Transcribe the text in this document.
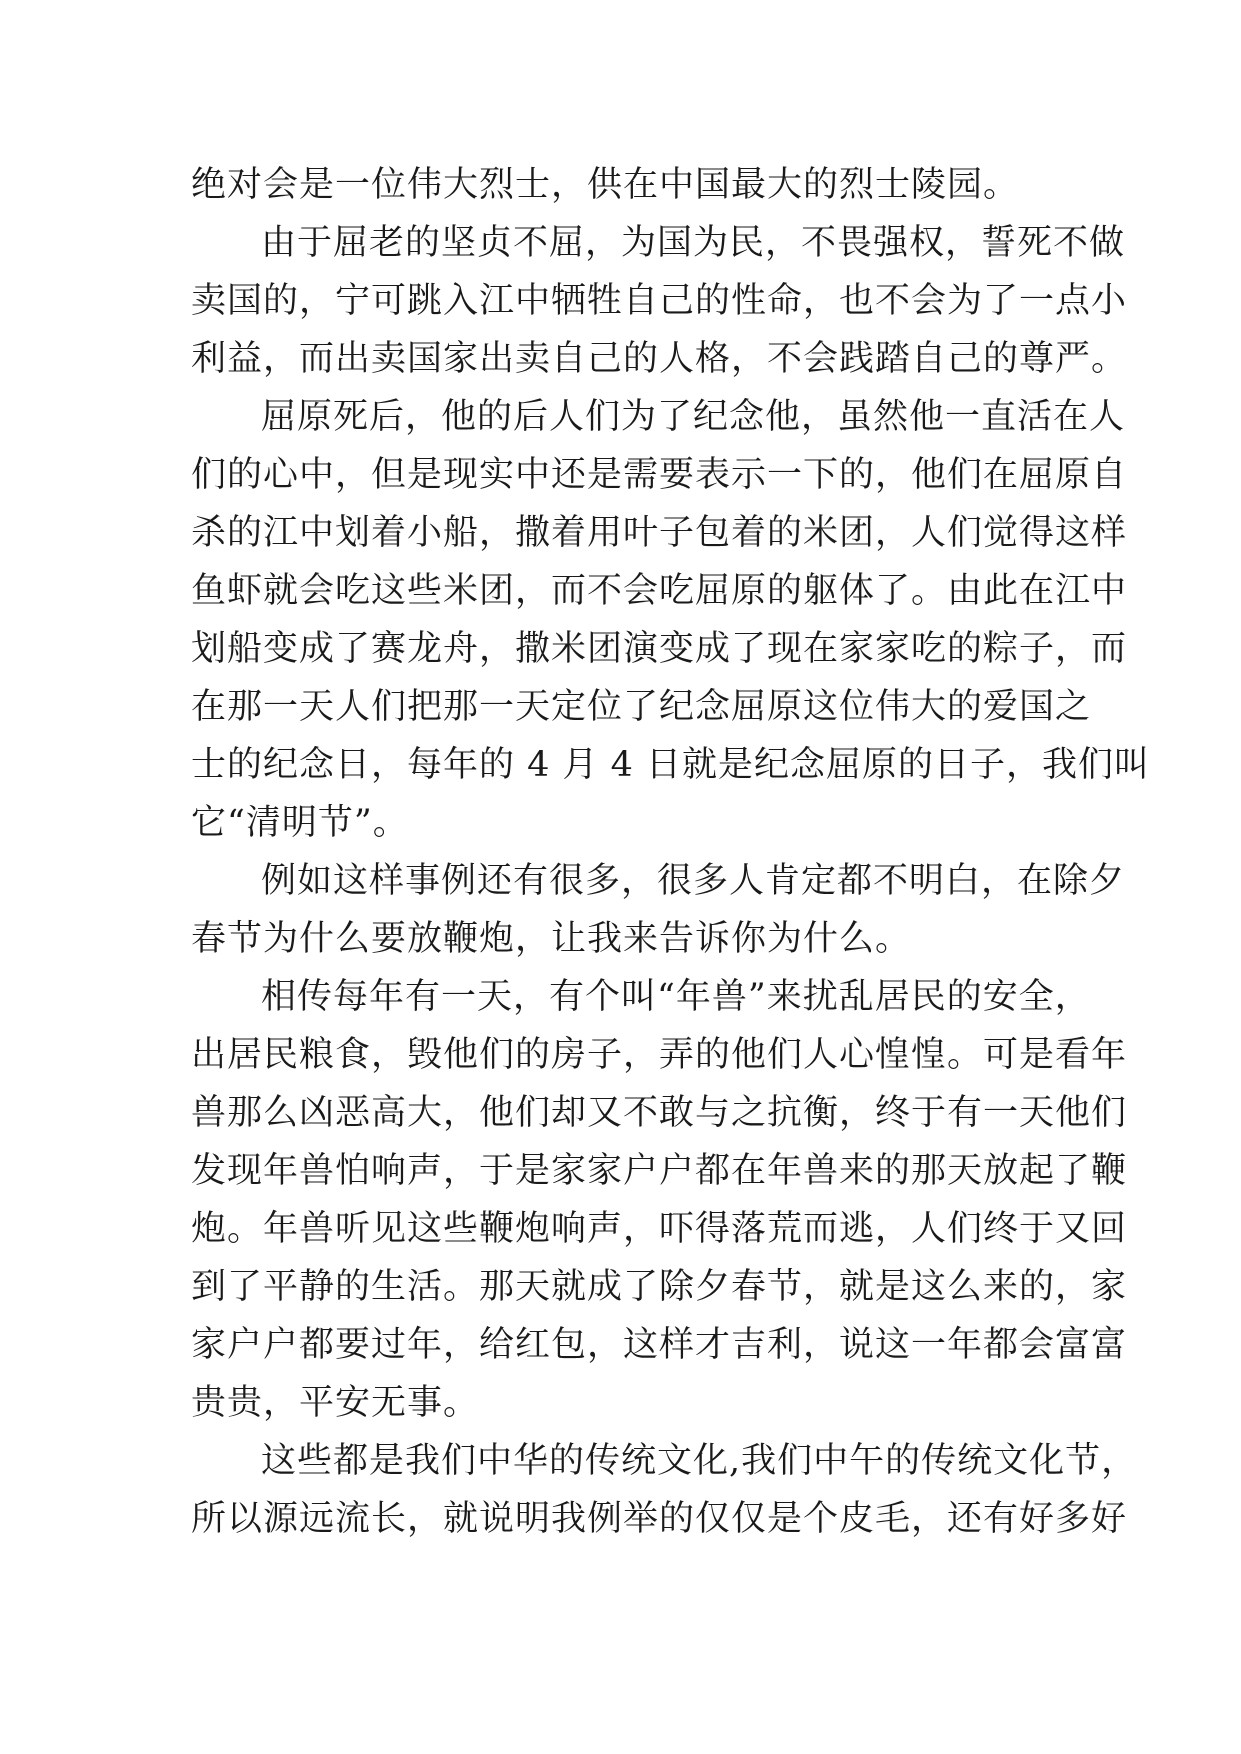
绝对会是一位伟大烈士，供在中国最大的烈士陵园。
由于屈老的坚贞不屈，为国为民，不畏强权，誓死不做
卖国的，宁可跳入江中牺牲自己的性命，也不会为了一点小
利益，而出卖国家出卖自己的人格，不会践踏自己的尊严。
屈原死后，他的后人们为了纪念他，虽然他一直活在人
们的心中，但是现实中还是需要表示一下的，他们在屈原自
杀的江中划着小船，撒着用叶子包着的米团，人们觉得这样
鱼虾就会吃这些米团，而不会吃屈原的躯体了。由此在江中
划船变成了赛龙舟，撒米团演变成了现在家家吃的粽子，而
在那一天人们把那一天定位了纪念屈原这位伟大的爱国之
士的纪念日，每年的 4 月 4 日就是纪念屈原的日子，我们叫
它“清明节”。
例如这样事例还有很多，很多人肯定都不明白，在除夕
春节为什么要放鞭炮，让我来告诉你为什么。
相传每年有一天，有个叫“年兽”来扰乱居民的安全，
出居民粮食，毁他们的房子，弄的他们人心惶惶。可是看年
兽那么凶恶高大，他们却又不敢与之抗衡，终于有一天他们
发现年兽怕响声，于是家家户户都在年兽来的那天放起了鞭
炮。年兽听见这些鞭炮响声，吓得落荒而逃，人们终于又回
到了平静的生活。那天就成了除夕春节，就是这么来的，家
家户户都要过年，给红包，这样才吉利，说这一年都会富富
贵贵，平安无事。
这些都是我们中华的传统文化,我们中午的传统文化节，
所以源远流长，就说明我例举的仅仅是个皮毛，还有好多好
